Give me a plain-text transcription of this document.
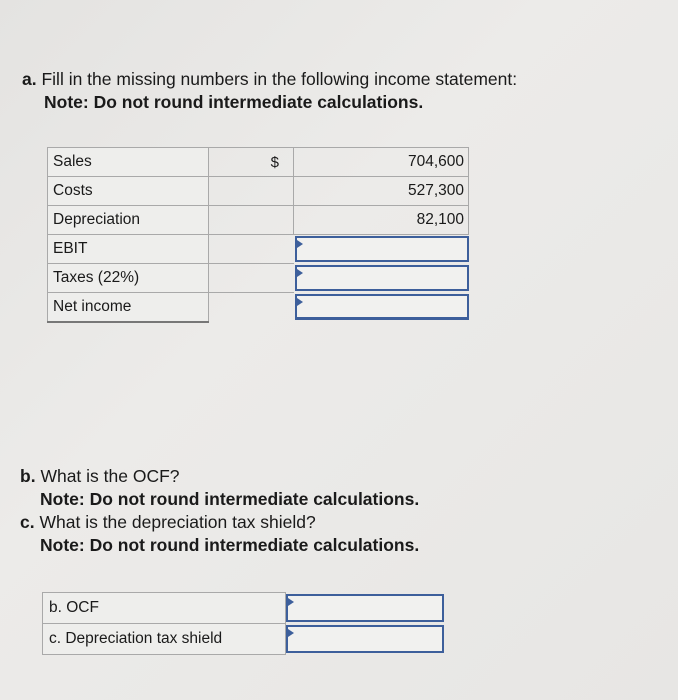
a. Fill in the missing numbers in the following income statement:
Note: Do not round intermediate calculations.
Sales	$	704,600
Costs		527,300
Depreciation		82,100
EBIT		

Taxes (22%)		

Net income		
b. What is the OCF?
Note: Do not round intermediate calculations.
c. What is the depreciation tax shield?
Note: Do not round intermediate calculations.
b. OCF	

c. Depreciation tax shield	
